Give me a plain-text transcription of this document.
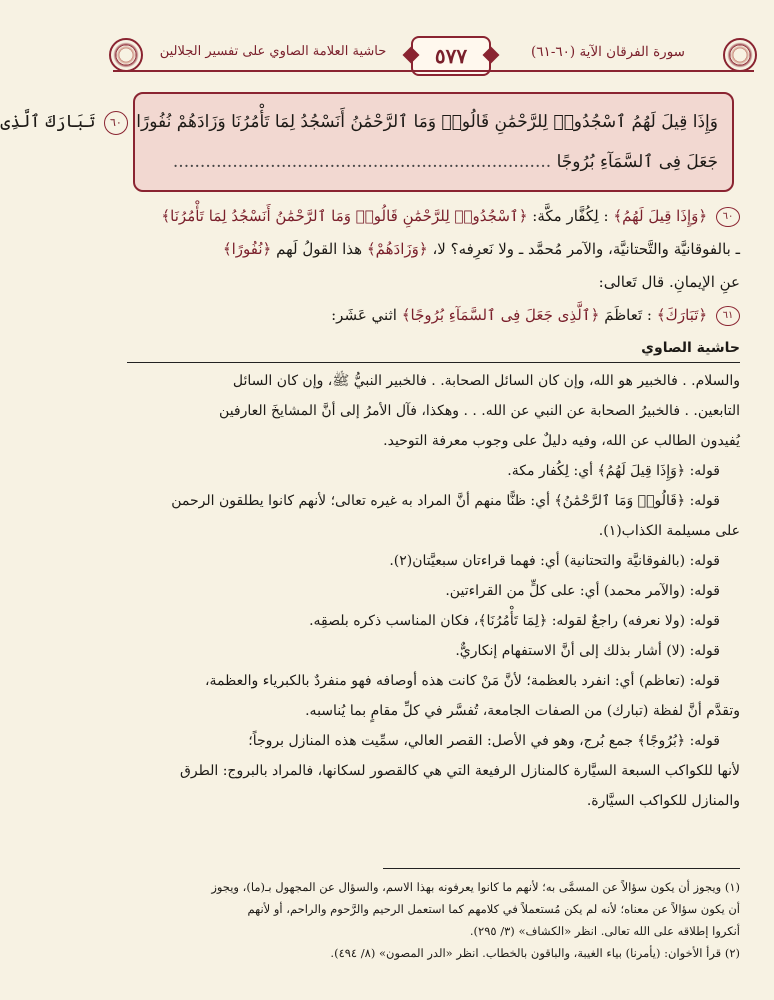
حاشية العلامة الصاوي على تفسير الجلالين	٥٧٧	سورة الفرقان الآية (٦٠-٦١)
وَإِذَا قِيلَ لَهُمُ ٱسْجُدُوا۟ لِلرَّحْمَٰنِ قَالُوا۟ وَمَا ٱلرَّحْمَٰنُ أَنَسْجُدُ لِمَا تَأْمُرُنَا وَزَادَهُمْ نُفُورًا ٦٠ تَبَارَكَ ٱلَّذِى
جَعَلَ فِى ٱلسَّمَآءِ بُرُوجًا ......................................................................
٦٠ ﴿وَإِذَا قِيلَ لَهُمُ﴾ : لِكُفَّار مكَّة: ﴿ٱسْجُدُوا۟ لِلرَّحْمَٰنِ قَالُوا۟ وَمَا ٱلرَّحْمَٰنُ أَنَسْجُدُ لِمَا تَأْمُرُنَا﴾
ـ بالفوقانيَّة والتَّحتانيَّة، والآمر مُحمَّد ـ ولا نَعرِفه؟ لا، ﴿وَزَادَهُمْ﴾ هذا القولُ لَهم ﴿نُفُورًا﴾
عنِ الإيمانِ. قال تَعالى:
٦١ ﴿تَبَارَكَ﴾ : تَعاظَمَ ﴿ٱلَّذِى جَعَلَ فِى ٱلسَّمَآءِ بُرُوجًا﴾ اثني عَشَر:
حاشية الصاوي
والسلام. . فالخبير هو الله، وإن كان السائل الصحابة. . فالخبير النبيُّ ﷺ، وإن كان السائل
التابعين. . فالخبيرُ الصحابة عن النبي عن الله. . . وهكذا، فآل الأمرُ إلى أنَّ المشايخَ العارفين
يُفيدون الطالب عن الله، وفيه دليلٌ على وجوب معرفة التوحيد.
قوله: ﴿وَإِذَا قِيلَ لَهُمُ﴾ أي: لِكُفار مكة.
قوله: ﴿قَالُوا۟ وَمَا ٱلرَّحْمَٰنُ﴾ أي: ظنًّا منهم أنَّ المراد به غيره تعالى؛ لأنهم كانوا يطلقون الرحمن
على مسيلمة الكذاب(١).
قوله: (بالفوقانيَّة والتحتانية) أي: فهما قراءتان سبعيَّتان(٢).
قوله: (والآمر محمد) أي: على كلٍّ من القراءتين.
قوله: (ولا نعرفه) راجعٌ لقوله: ﴿لِمَا تَأْمُرُنَا﴾، فكان المناسب ذكره بلصقِه.
قوله: (لا) أشار بذلك إلى أنَّ الاستفهام إنكاريٌّ.
قوله: (تعاظم) أي: انفرد بالعظمة؛ لأنَّ مَنْ كانت هذه أوصافه فهو منفردٌ بالكبرياء والعظمة،
وتقدَّم أنَّ لفظة (تبارك) من الصفات الجامعة، تُفسَّر في كلِّ مقامٍ بما يُناسبه.
قوله: ﴿بُرُوجًا﴾ جمع بُرج، وهو في الأصل: القصر العالي، سمِّيت هذه المنازل بروجاً؛
لأنها للكواكب السبعة السيَّارة كالمنازل الرفيعة التي هي كالقصور لسكانها، فالمراد بالبروج: الطرق
والمنازل للكواكب السيَّارة.
(١) ويجوز أن يكون سؤالاً عن المسمَّى به؛ لأنهم ما كانوا يعرفونه بهذا الاسم، والسؤال عن المجهول بـ(ما)، ويجوز
أن يكون سؤالاً عن معناه؛ لأنه لم يكن مُستعملاً في كلامهم كما استعمل الرحيم والرَّحوم والراحم، أو لأنهم
أنكروا إطلاقه على الله تعالى. انظر «الكشاف» (٣/ ٢٩٥).
(٢) قرأ الأخوان: (يأمرنا) بياء الغيبة، والباقون بالخطاب. انظر «الدر المصون» (٨/ ٤٩٤).
